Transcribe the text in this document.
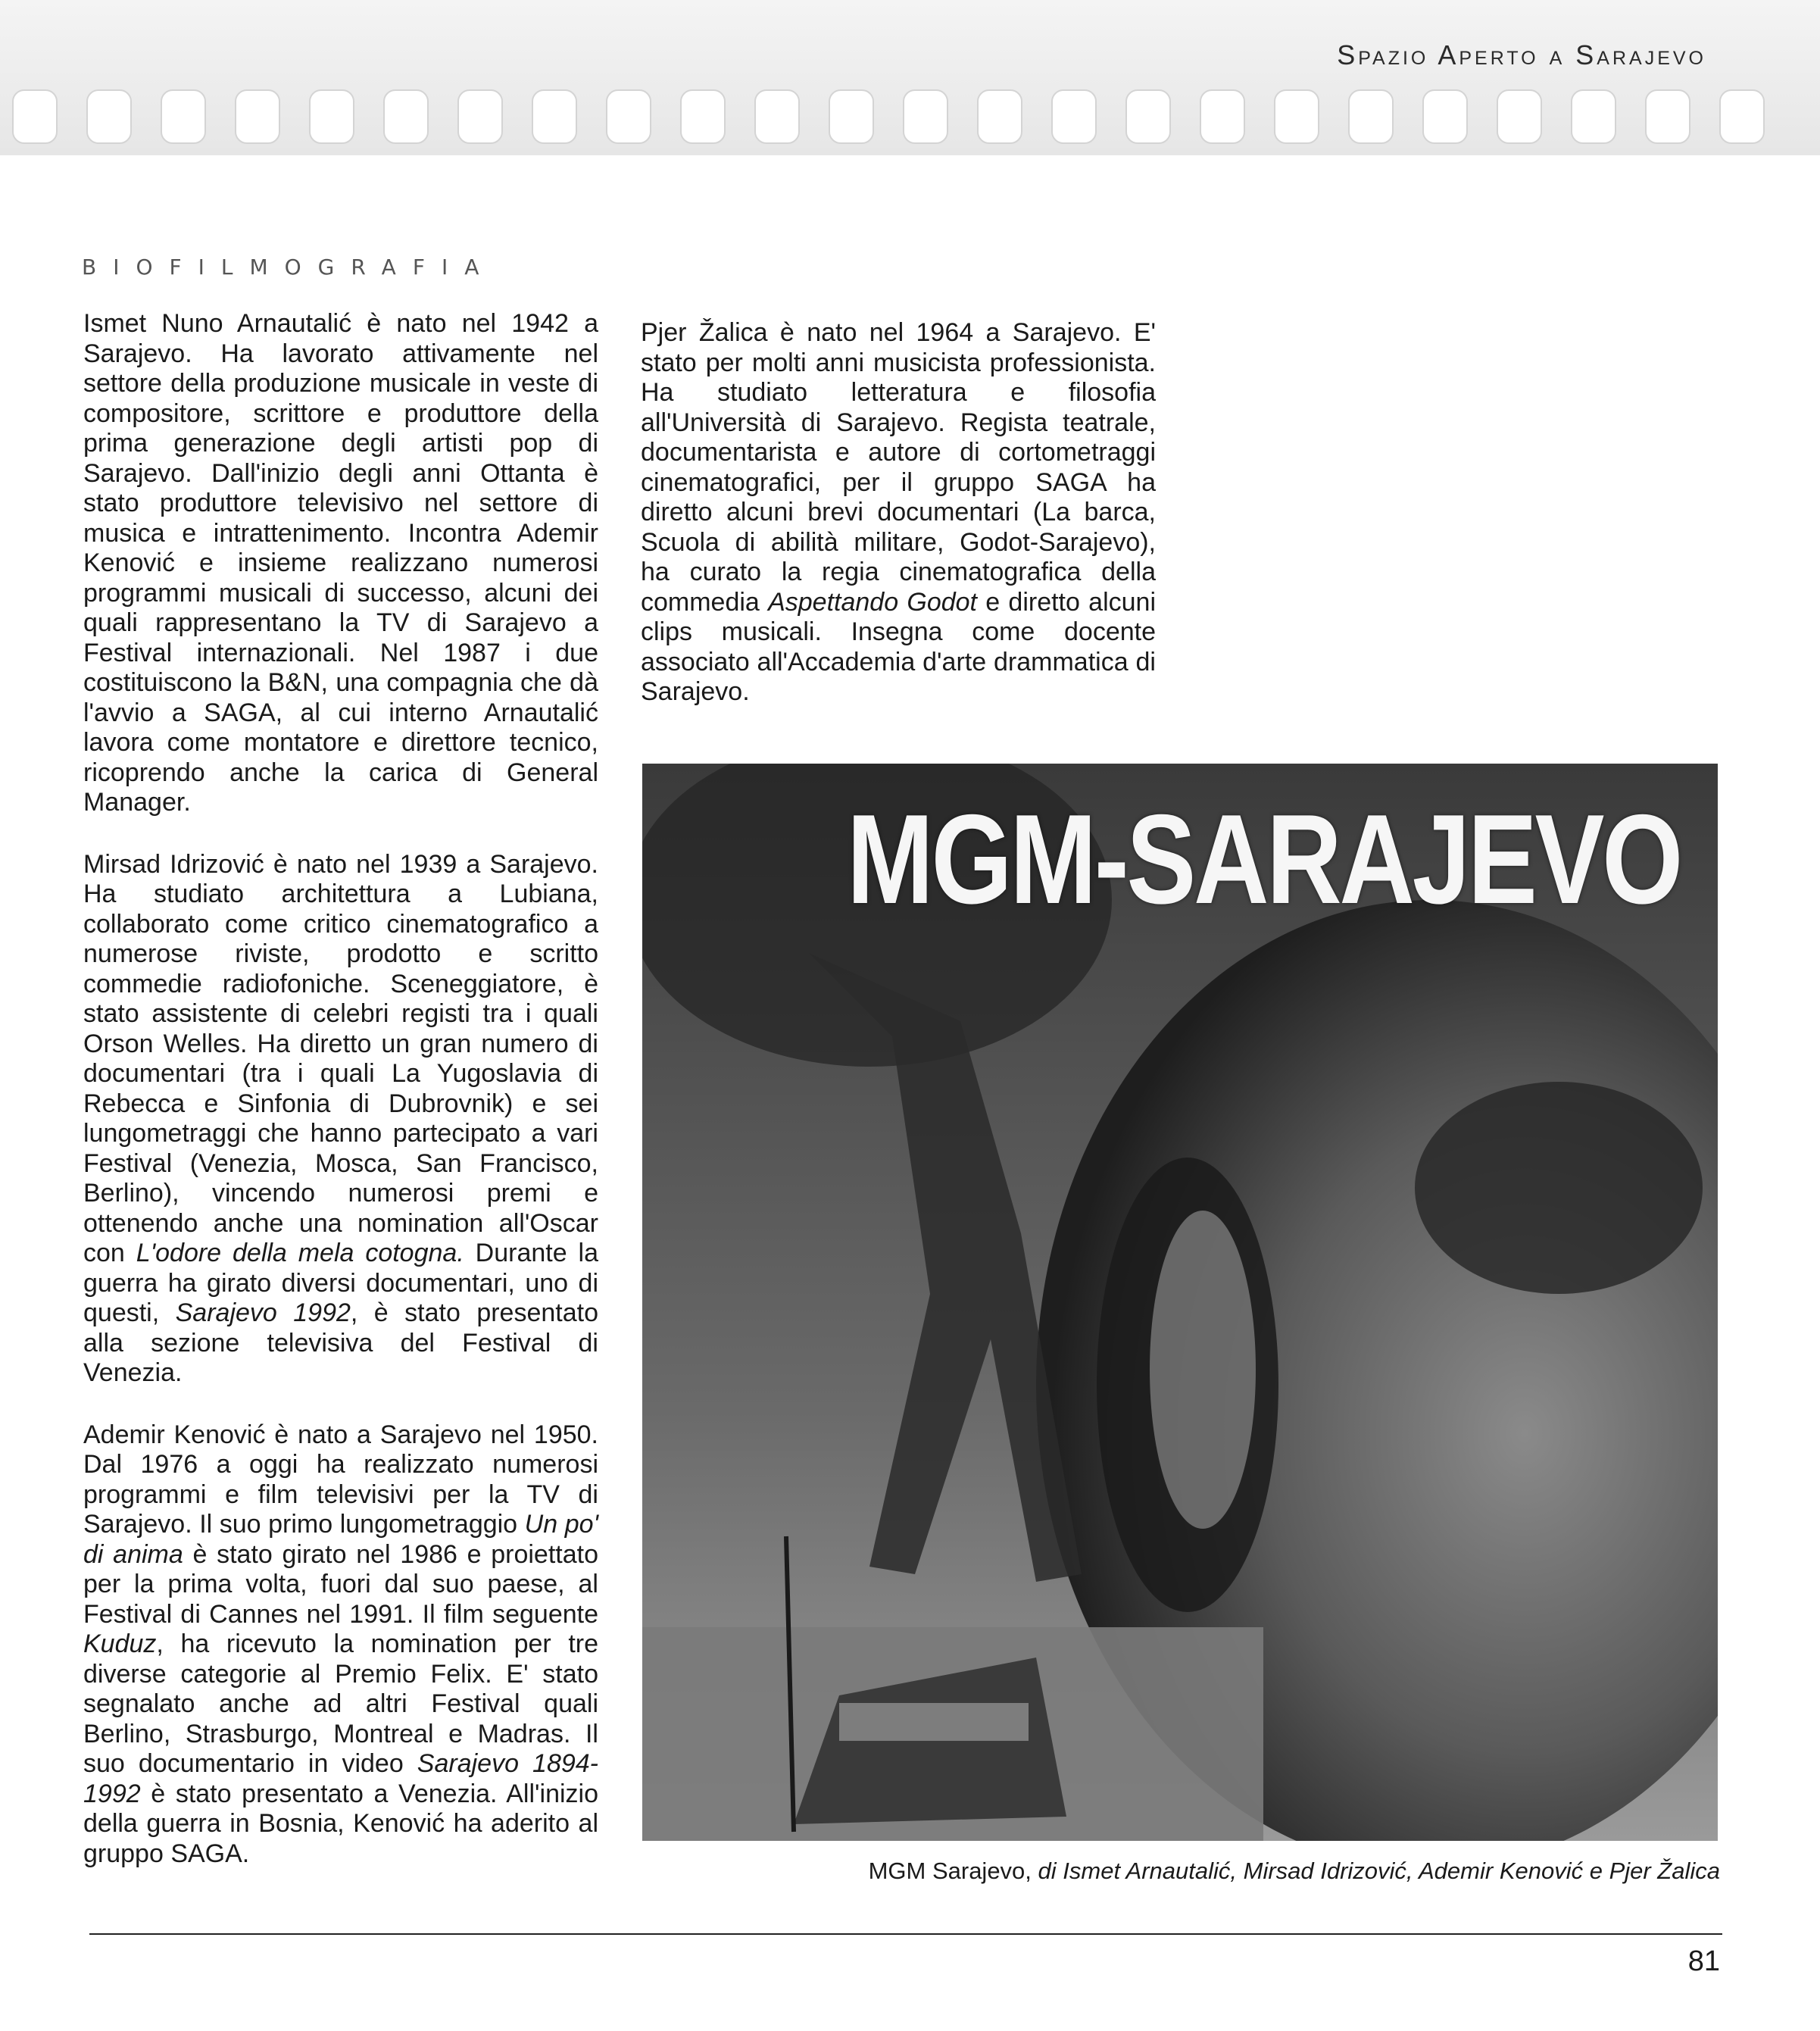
Spazio Aperto a Sarajevo
BIOFILMOGRAFIA

Ismet Nuno Arnautalić è nato nel 1942 a Sarajevo. Ha lavorato attivamente nel settore della produzione musicale in veste di compositore, scrittore e produttore della prima generazione degli artisti pop di Sarajevo. Dall'inizio degli anni Ottanta è stato produttore televisivo nel settore di musica e intrattenimento. Incontra Ademir Kenović e insieme realizzano numerosi programmi musicali di successo, alcuni dei quali rappresentano la TV di Sarajevo a Festival internazionali. Nel 1987 i due costituiscono la B&N, una compagnia che dà l'avvio a SAGA, al cui interno Arnautalić lavora come montatore e direttore tecnico, ricoprendo anche la carica di General Manager.

Mirsad Idrizović è nato nel 1939 a Sarajevo. Ha studiato architettura a Lubiana, collaborato come critico cinematografico a numerose riviste, prodotto e scritto commedie radiofoniche. Sceneggiatore, è stato assistente di celebri registi tra i quali Orson Welles. Ha diretto un gran numero di documentari (tra i quali La Yugoslavia di Rebecca e Sinfonia di Dubrovnik) e sei lungometraggi che hanno partecipato a vari Festival (Venezia, Mosca, San Francisco, Berlino), vincendo numerosi premi e ottenendo anche una nomination all'Oscar con L'odore della mela cotogna. Durante la guerra ha girato diversi documentari, uno di questi, Sarajevo 1992, è stato presentato alla sezione televisiva del Festival di Venezia.

Ademir Kenović è nato a Sarajevo nel 1950. Dal 1976 a oggi ha realizzato numerosi programmi e film televisivi per la TV di Sarajevo. Il suo primo lungometraggio Un po' di anima è stato girato nel 1986 e proiettato per la prima volta, fuori dal suo paese, al Festival di Cannes nel 1991. Il film seguente Kuduz, ha ricevuto la nomination per tre diverse categorie al Premio Felix. E' stato segnalato anche ad altri Festival quali Berlino, Strasburgo, Montreal e Madras. Il suo documentario in video Sarajevo 1894-1992 è stato presentato a Venezia. All'inizio della guerra in Bosnia, Kenović ha aderito al gruppo SAGA.

Pjer Žalica è nato nel 1964 a Sarajevo. E' stato per molti anni musicista professionista. Ha studiato letteratura e filosofia all'Università di Sarajevo. Regista teatrale, documentarista e autore di cortometraggi cinematografici, per il gruppo SAGA ha diretto alcuni brevi documentari (La barca, Scuola di abilità militare, Godot-Sarajevo), ha curato la regia cinematografica della commedia Aspettando Godot e diretto alcuni clips musicali. Insegna come docente associato all'Accademia d'arte drammatica di Sarajevo.

MGM-SARAJEVO
MGM Sarajevo, di Ismet Arnautalić, Mirsad Idrizović, Ademir Kenović e Pjer Žalica
81
